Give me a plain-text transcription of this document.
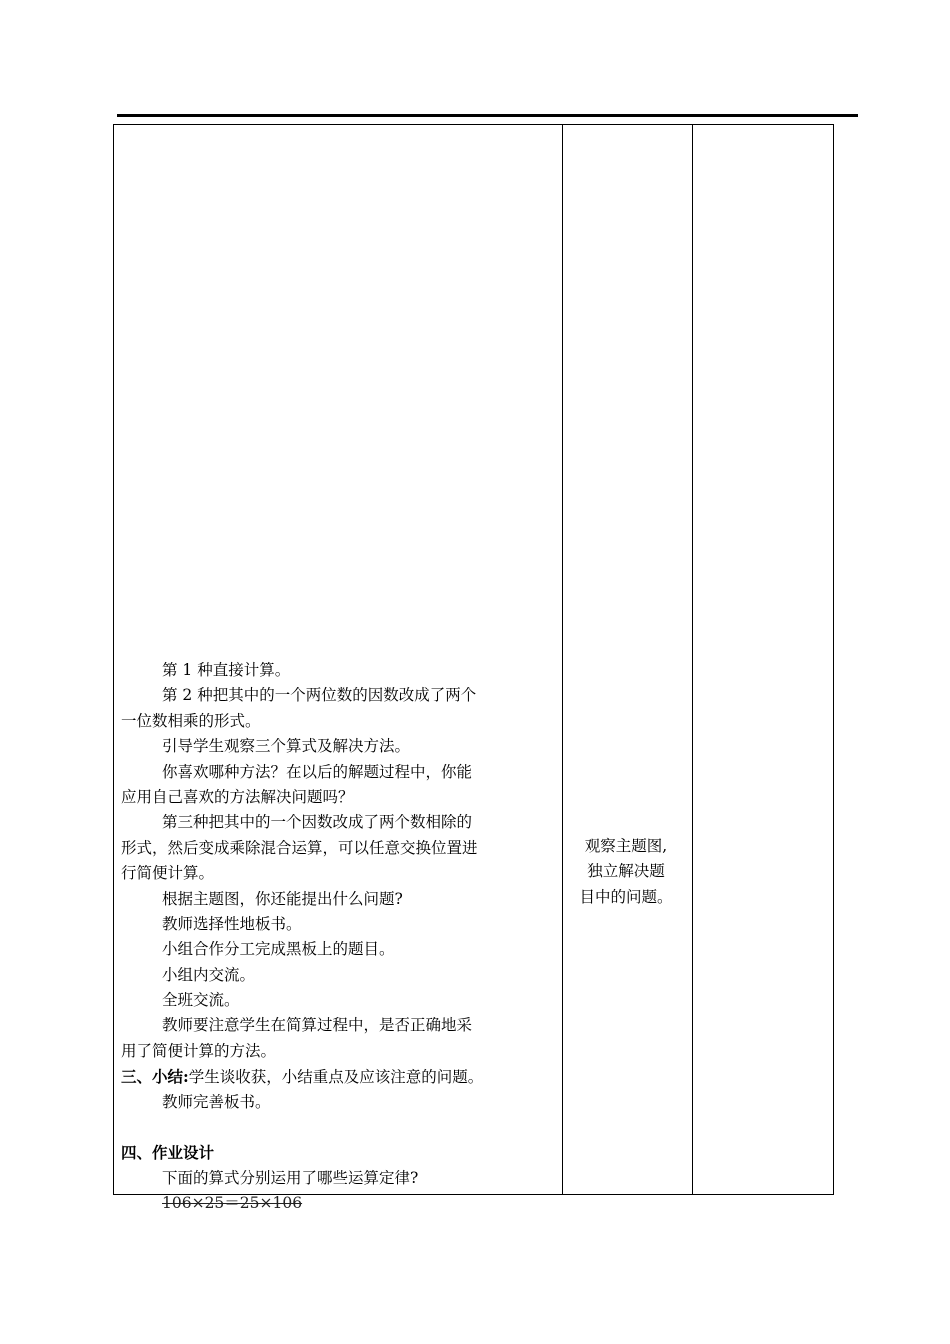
第 1 种直接计算。
第 2 种把其中的一个两位数的因数改成了两个
一位数相乘的形式。
引导学生观察三个算式及解决方法。
你喜欢哪种方法？在以后的解题过程中，你能
应用自己喜欢的方法解决问题吗？
第三种把其中的一个因数改成了两个数相除的
形式，然后变成乘除混合运算，可以任意交换位置进
行简便计算。
根据主题图，你还能提出什么问题?
教师选择性地板书。
小组合作分工完成黑板上的题目。
小组内交流。
全班交流。
教师要注意学生在简算过程中，是否正确地采
用了简便计算的方法。
三、小结:学生谈收获，小结重点及应该注意的问题。
教师完善板书。
四、作业设计
下面的算式分别运用了哪些运算定律?
106×25＝25×106
观察主题图,
独立解决题
目中的问题。
